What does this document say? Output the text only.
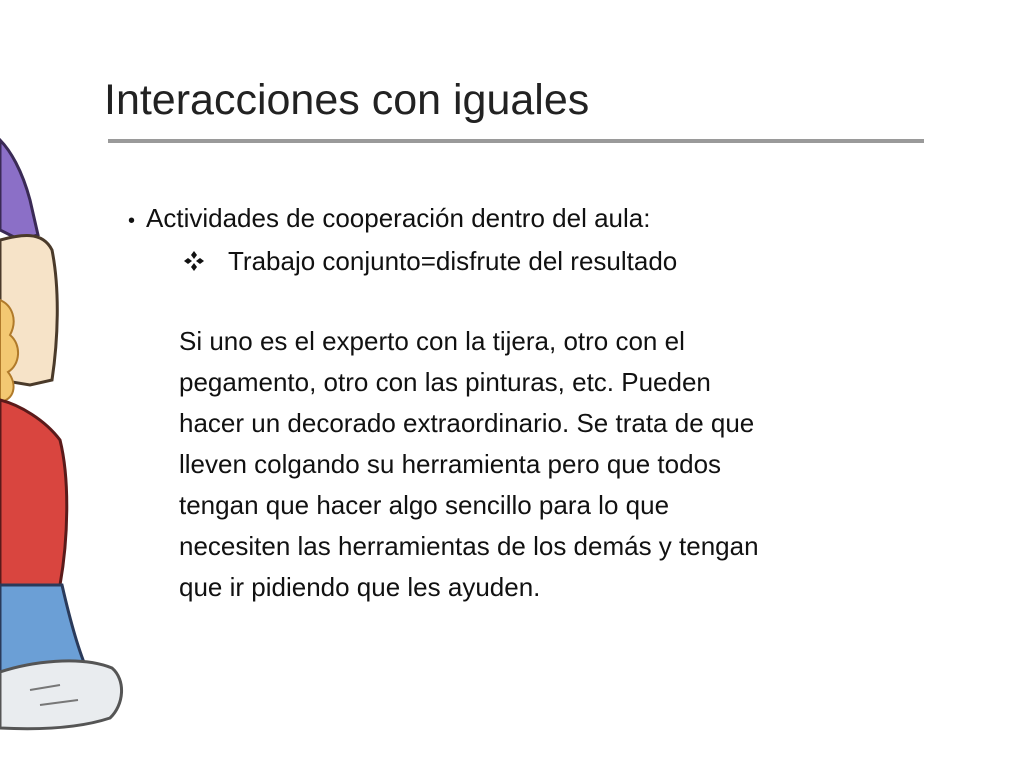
Interacciones con iguales
• Actividades de cooperación dentro del aula:
Trabajo conjunto=disfrute del resultado
Si uno es el experto con la tijera, otro con el
pegamento, otro con las pinturas, etc. Pueden
hacer un decorado extraordinario. Se trata de que
lleven colgando su herramienta pero que todos
tengan que hacer algo sencillo para lo que
necesiten las herramientas de los demás y tengan
que ir pidiendo que les ayuden.
